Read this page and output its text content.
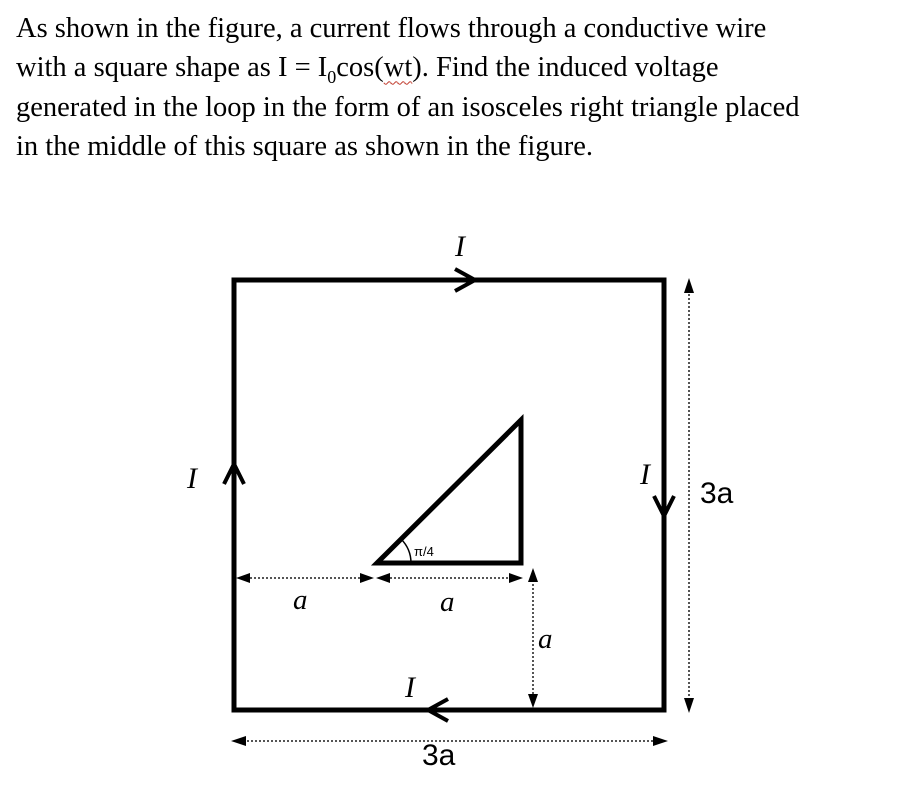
As shown in the figure, a current flows through a conductive wire
with a square shape as $I = I_0\cos(wt)$. Find the induced voltage
generated in the loop in the form of an isosceles right triangle placed
in the middle of this square as shown in the figure.
I
I	I
I
3a
3a
a	a
a
π/4
